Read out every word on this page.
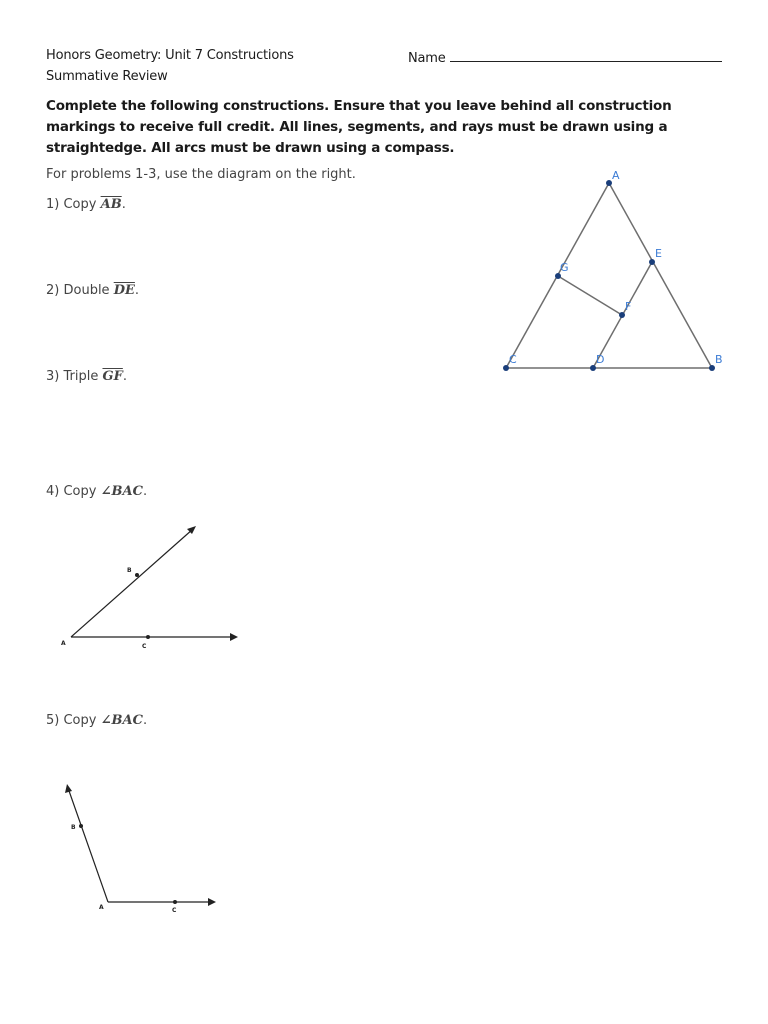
Honors Geometry: Unit 7 Constructions	Name
Summative Review
Complete the following constructions. Ensure that you leave behind all construction markings to receive full credit. All lines, segments, and rays must be drawn using a straightedge. All arcs must be drawn using a compass.
For problems 1-3, use the diagram on the right.
1) Copy $\overline{AB}$.
2) Double $\overline{DE}$.
3) Triple $\overline{GF}$.
4) Copy ∠BAC.
5) Copy ∠BAC.
A
B
C	D
E
F
G
A
B
C
A
B
C
